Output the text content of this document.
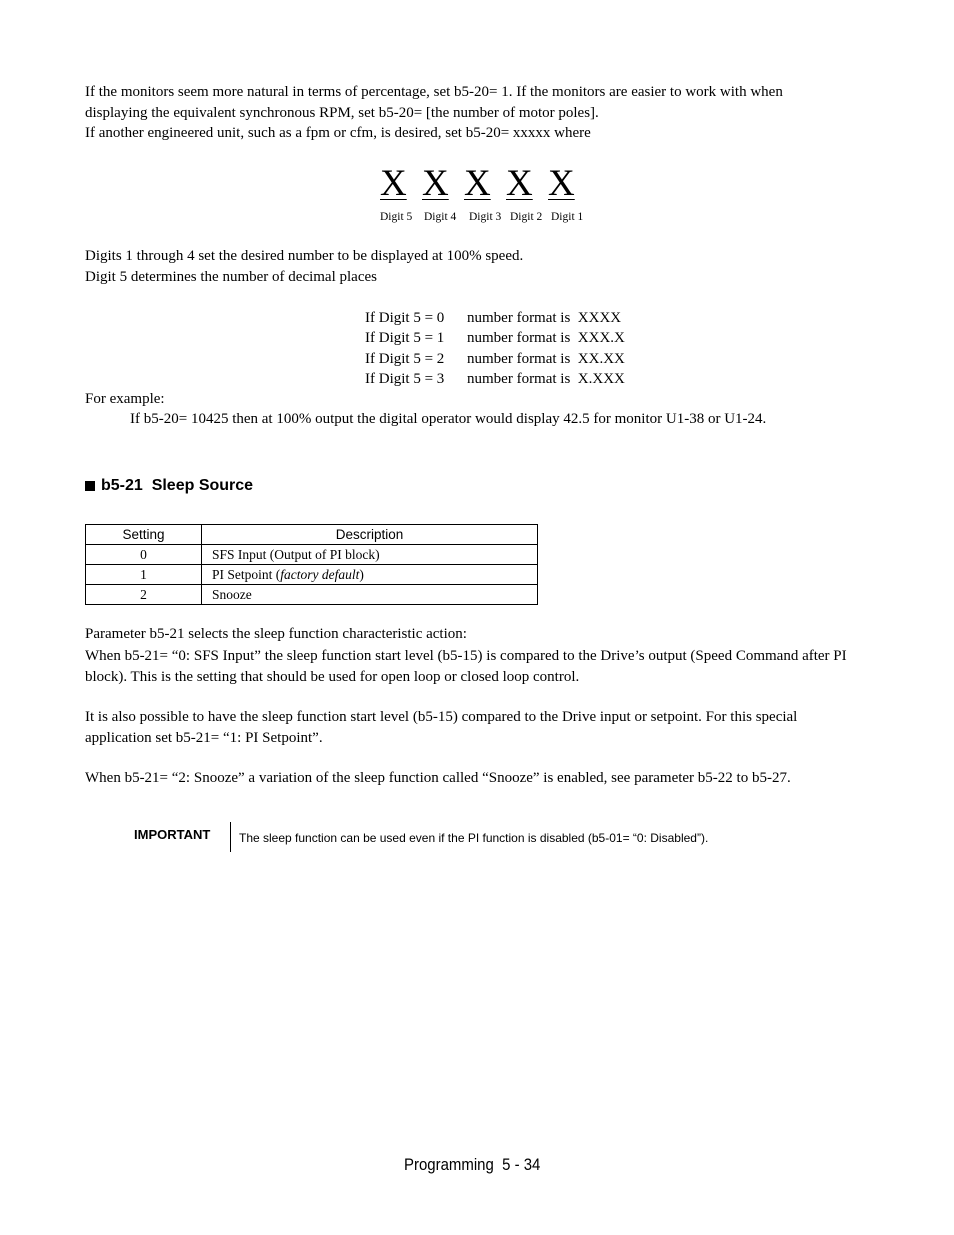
If the monitors seem more natural in terms of percentage, set b5-20= 1. If the monitors are easier to work with when
displaying the equivalent synchronous RPM, set b5-20= [the number of motor poles].
If another engineered unit, such as a fpm or cfm, is desired, set b5-20= xxxxx where

X X X X X
Digit 5 Digit 4 Digit 3 Digit 2 Digit 1

Digits 1 through 4 set the desired number to be displayed at 100% speed.
Digit 5 determines the number of decimal places

If Digit 5 = 0	number format is  XXXX
If Digit 5 = 1	number format is  XXX.X
If Digit 5 = 2	number format is  XX.XX
If Digit 5 = 3	number format is  X.XXX

For example:

If b5-20= 10425 then at 100% output the digital operator would display 42.5 for monitor U1-38 or U1-24.

b5-21  Sleep Source
Setting	Description
0	SFS Input (Output of PI block)
1	PI Setpoint (factory default)
2	Snooze

Parameter b5-21 selects the sleep function characteristic action:

When b5-21= “0: SFS Input” the sleep function start level (b5-15) is compared to the Drive’s output (Speed Command after PI
block). This is the setting that should be used for open loop or closed loop control.

It is also possible to have the sleep function start level (b5-15) compared to the Drive input or setpoint. For this special
application set b5-21= “1: PI Setpoint”.

When b5-21= “2: Snooze” a variation of the sleep function called “Snooze” is enabled, see parameter b5-22 to b5-27.

IMPORTANT	The sleep function can be used even if the PI function is disabled (b5-01= “0: Disabled”).
Programming  5 - 34
